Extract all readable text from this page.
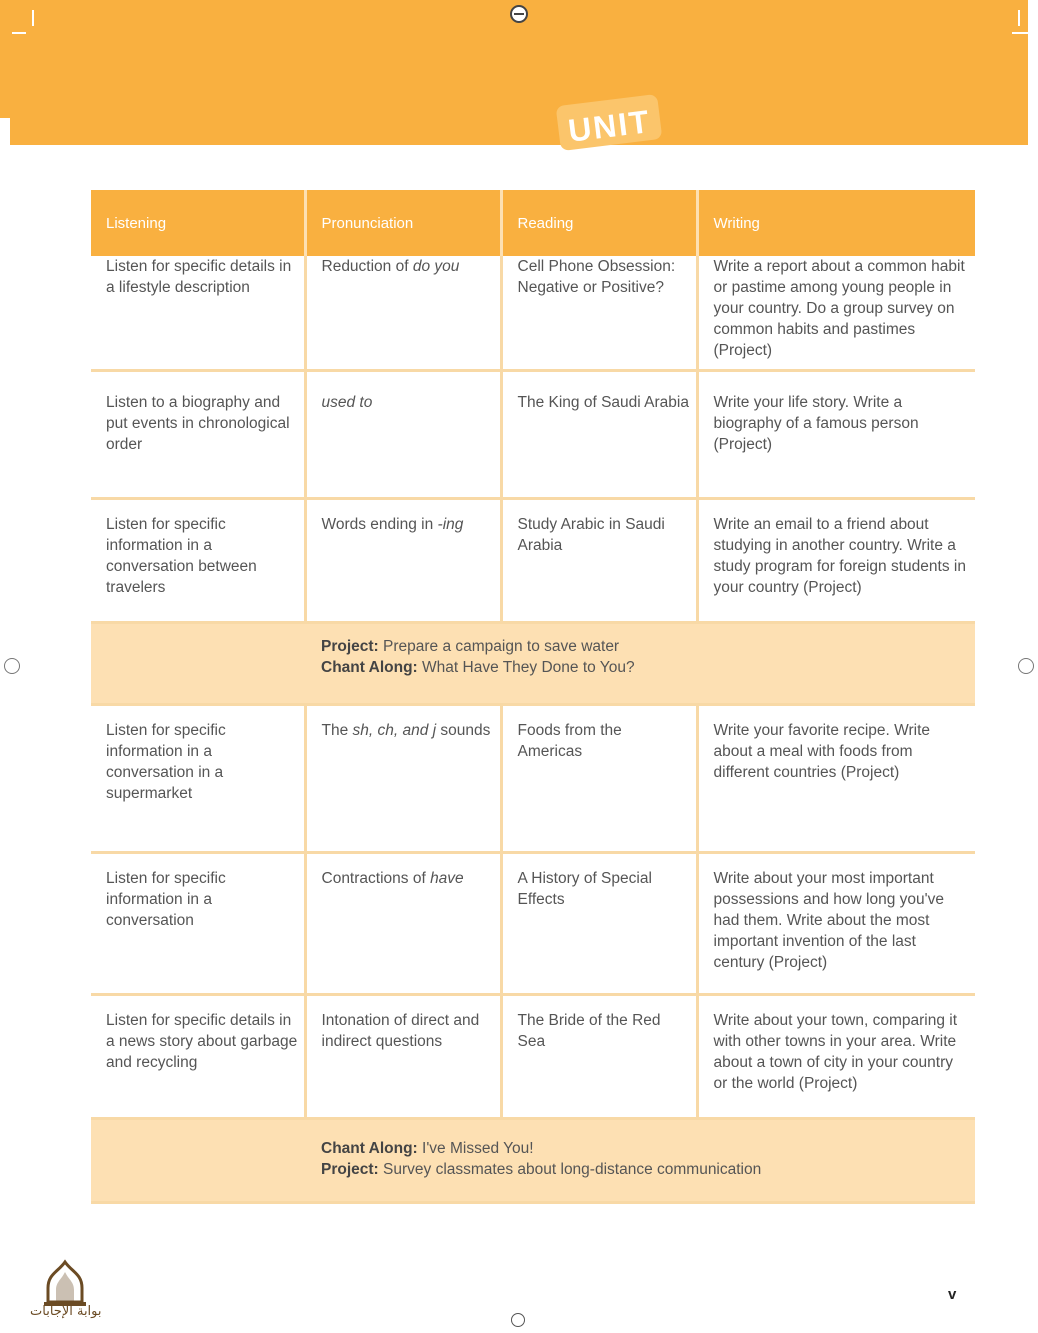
UNIT
Listening	Pronunciation	Reading	Writing
Listen for specific details in a lifestyle description	Reduction of do you	Cell Phone Obsession: Negative or Positive?	Write a report about a common habit or pastime among young people in your country. Do a group survey on common habits and pastimes (Project)
Listen to a biography and put events in chronological order	used to	The King of Saudi Arabia	Write your life story. Write a biography of a famous person (Project)
Listen for specific information in a conversation between travelers	Words ending in -ing	Study Arabic in Saudi Arabia	Write an email to a friend about studying in another country. Write a study program for foreign students in your country (Project)

Project: Prepare a campaign to save water

Chant Along: What Have They Done to You?			

Listen for specific information in a conversation in a supermarket	The sh, ch, and j sounds	Foods from the Americas	Write your favorite recipe. Write about a meal with foods from different countries (Project)
Listen for specific information in a conversation	Contractions of have	A History of Special Effects	Write about your most important possessions and how long you've had them. Write about the most important invention of the last century (Project)
Listen for specific details in a news story about garbage and recycling	Intonation of direct and indirect questions	The Bride of the Red Sea	Write about your town, comparing it with other towns in your area. Write about a town of city in your country or the world (Project)

Chant Along: I've Missed You!

Project: Survey classmates about long-distance communication			

بوابة الإجابات
v
